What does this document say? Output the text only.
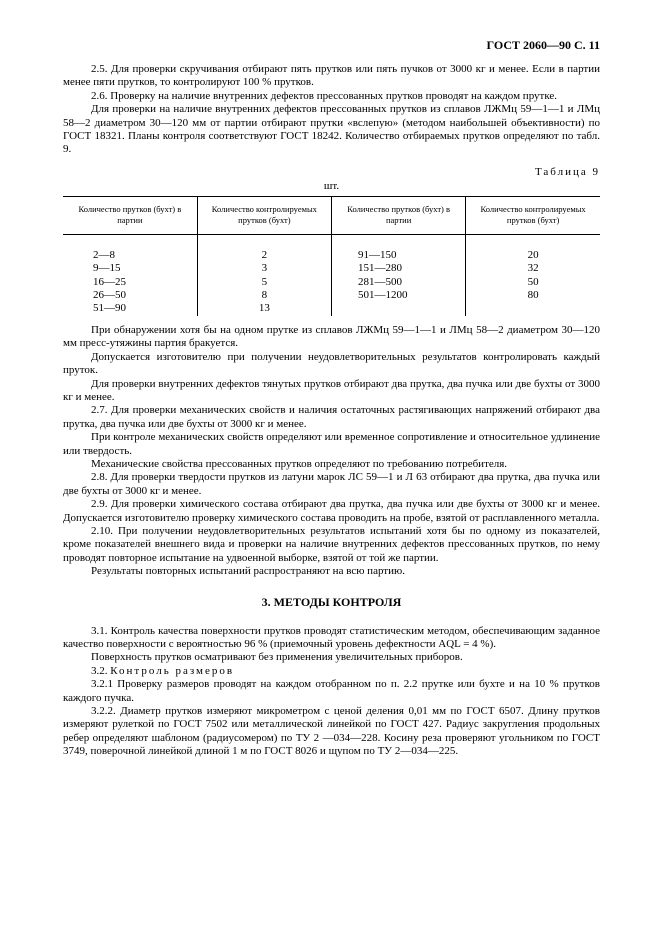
ГОСТ 2060—90 С. 11

2.5. Для проверки скручивания отбирают пять прутков или пять пучков от 3000 кг и менее. Если в партии менее пяти прутков, то контролируют 100 % прутков.

2.6. Проверку на наличие внутренних дефектов прессованных прутков проводят на каждом прутке.

Для проверки на наличие внутренних дефектов прессованных прутков из сплавов ЛЖМц 59—1—1 и ЛМц 58—2 диаметром 30—120 мм от партии отбирают прутки «вслепую» (методом наибольшей объективности) по ГОСТ 18321. Планы контроля соответствуют ГОСТ 18242. Количество отбираемых прутков определяют по табл. 9.

Таблица 9
шт.
Количество прутков (бухт) в партии	Количество контролируемых прутков (бухт)	Количество прутков (бухт) в партии	Количество контролируемых прутков (бухт)
2—8	2	91—150	20
9—15	3	151—280	32
16—25	5	281—500	50
26—50	8	501—1200	80
51—90	13		

При обнаружении хотя бы на одном прутке из сплавов ЛЖМц 59—1—1 и ЛМц 58—2 диаметром 30—120 мм пресс-утяжины партия бракуется.

Допускается изготовителю при получении неудовлетворительных результатов контролировать каждый пруток.

Для проверки внутренних дефектов тянутых прутков отбирают два прутка, два пучка или две бухты от 3000 кг и менее.

2.7. Для проверки механических свойств и наличия остаточных растягивающих напряжений отбирают два прутка, два пучка или две бухты от 3000 кг и менее.

При контроле механических свойств определяют или временное сопротивление и относительное удлинение или твердость.

Механические свойства прессованных прутков определяют по требованию потребителя.

2.8. Для проверки твердости прутков из латуни марок ЛС 59—1 и Л 63 отбирают два прутка, два пучка или две бухты от 3000 кг и менее.

2.9. Для проверки химического состава отбирают два прутка, два пучка или две бухты от 3000 кг и менее. Допускается изготовителю проверку химического состава проводить на пробе, взятой от расплавленного металла.

2.10. При получении неудовлетворительных результатов испытаний хотя бы по одному из показателей, кроме показателей внешнего вида и проверки на наличие внутренних дефектов прессованных прутков, по нему проводят повторное испытание на удвоенной выборке, взятой от той же партии.

Результаты повторных испытаний распространяют на всю партию.

3. МЕТОДЫ КОНТРОЛЯ

3.1. Контроль качества поверхности прутков проводят статистическим методом, обеспечивающим заданное качество поверхности с вероятностью 96 % (приемочный уровень дефектности AQL = 4 %).

Поверхность прутков осматривают без применения увеличительных приборов.

3.2. Контроль размеров

3.2.1 Проверку размеров проводят на каждом отобранном по п. 2.2 прутке или бухте и на 10 % прутков каждого пучка.

3.2.2. Диаметр прутков измеряют микрометром с ценой деления 0,01 мм по ГОСТ 6507. Длину прутков измеряют рулеткой по ГОСТ 7502 или металлической линейкой по ГОСТ 427. Радиус закругления продольных ребер определяют шаблоном (радиусомером) по ТУ 2 —034—228. Косину реза проверяют угольником по ГОСТ 3749, поверочной линейкой длиной 1 м по ГОСТ 8026 и щупом по ТУ 2—034—225.
